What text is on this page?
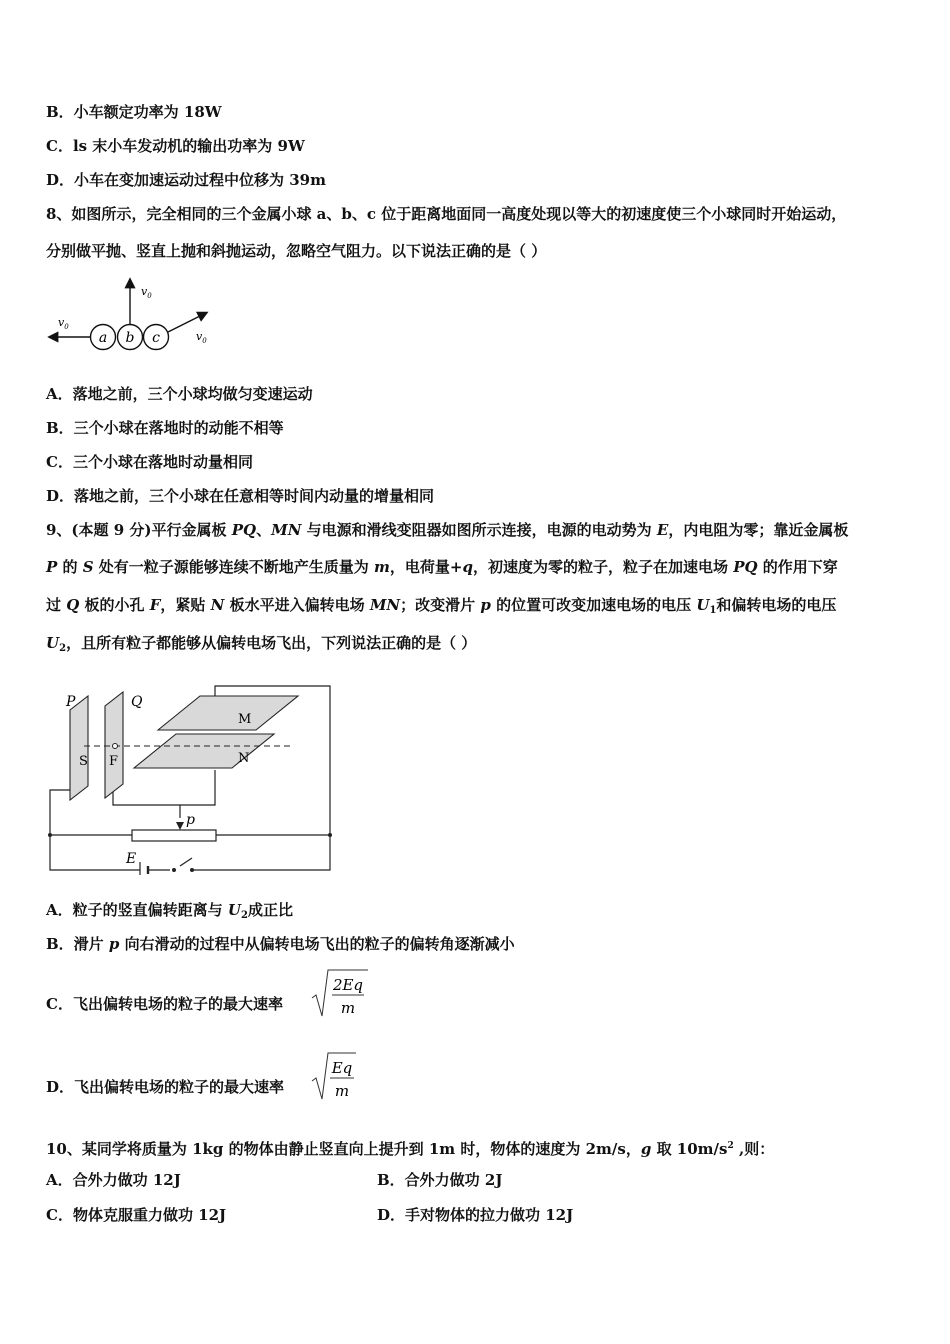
B．小车额定功率为 18W
C．ls 末小车发动机的输出功率为 9W
D．小车在变加速运动过程中位移为 39m
8、如图所示，完全相同的三个金属小球 a、b、c 位于距离地面同一高度处现以等大的初速度使三个小球同时开始运动，
分别做平抛、竖直上抛和斜抛运动，忽略空气阻力。以下说法正确的是（ ）
a b c
$v_0$
$v_0$
$v_0$
A．落地之前，三个小球均做匀变速运动
B．三个小球在落地时的动能不相等
C．三个小球在落地时动量相同
D．落地之前，三个小球在任意相等时间内动量的增量相同
9、(本题 9 分)平行金属板 PQ、MN 与电源和滑线变阻器如图所示连接，电源的电动势为 E，内电阻为零；靠近金属板
P 的 S 处有一粒子源能够连续不断地产生质量为 m，电荷量+q，初速度为零的粒子，粒子在加速电场 PQ 的作用下穿
过 Q 板的小孔 F，紧贴 N 板水平进入偏转电场 MN；改变滑片 p 的位置可改变加速电场的电压 $U_1$和偏转电场的电压
$U_2$，且所有粒子都能够从偏转电场飞出，下列说法正确的是（ ）
P	Q
S F
M
N
p
E
A．粒子的竖直偏转距离与 $U_2$成正比
B．滑片 p 向右滑动的过程中从偏转电场飞出的粒子的偏转角逐渐减小
C．飞出偏转电场的粒子的最大速率
2Eq
m
D．飞出偏转电场的粒子的最大速率
Eq
m
10、某同学将质量为 1kg 的物体由静止竖直向上提升到 1m 时，物体的速度为 2m/s，g 取 $10m/s^2$ ,则：
A．合外力做功 12J	B．合外力做功 2J
C．物体克服重力做功 12J	D．手对物体的拉力做功 12J
